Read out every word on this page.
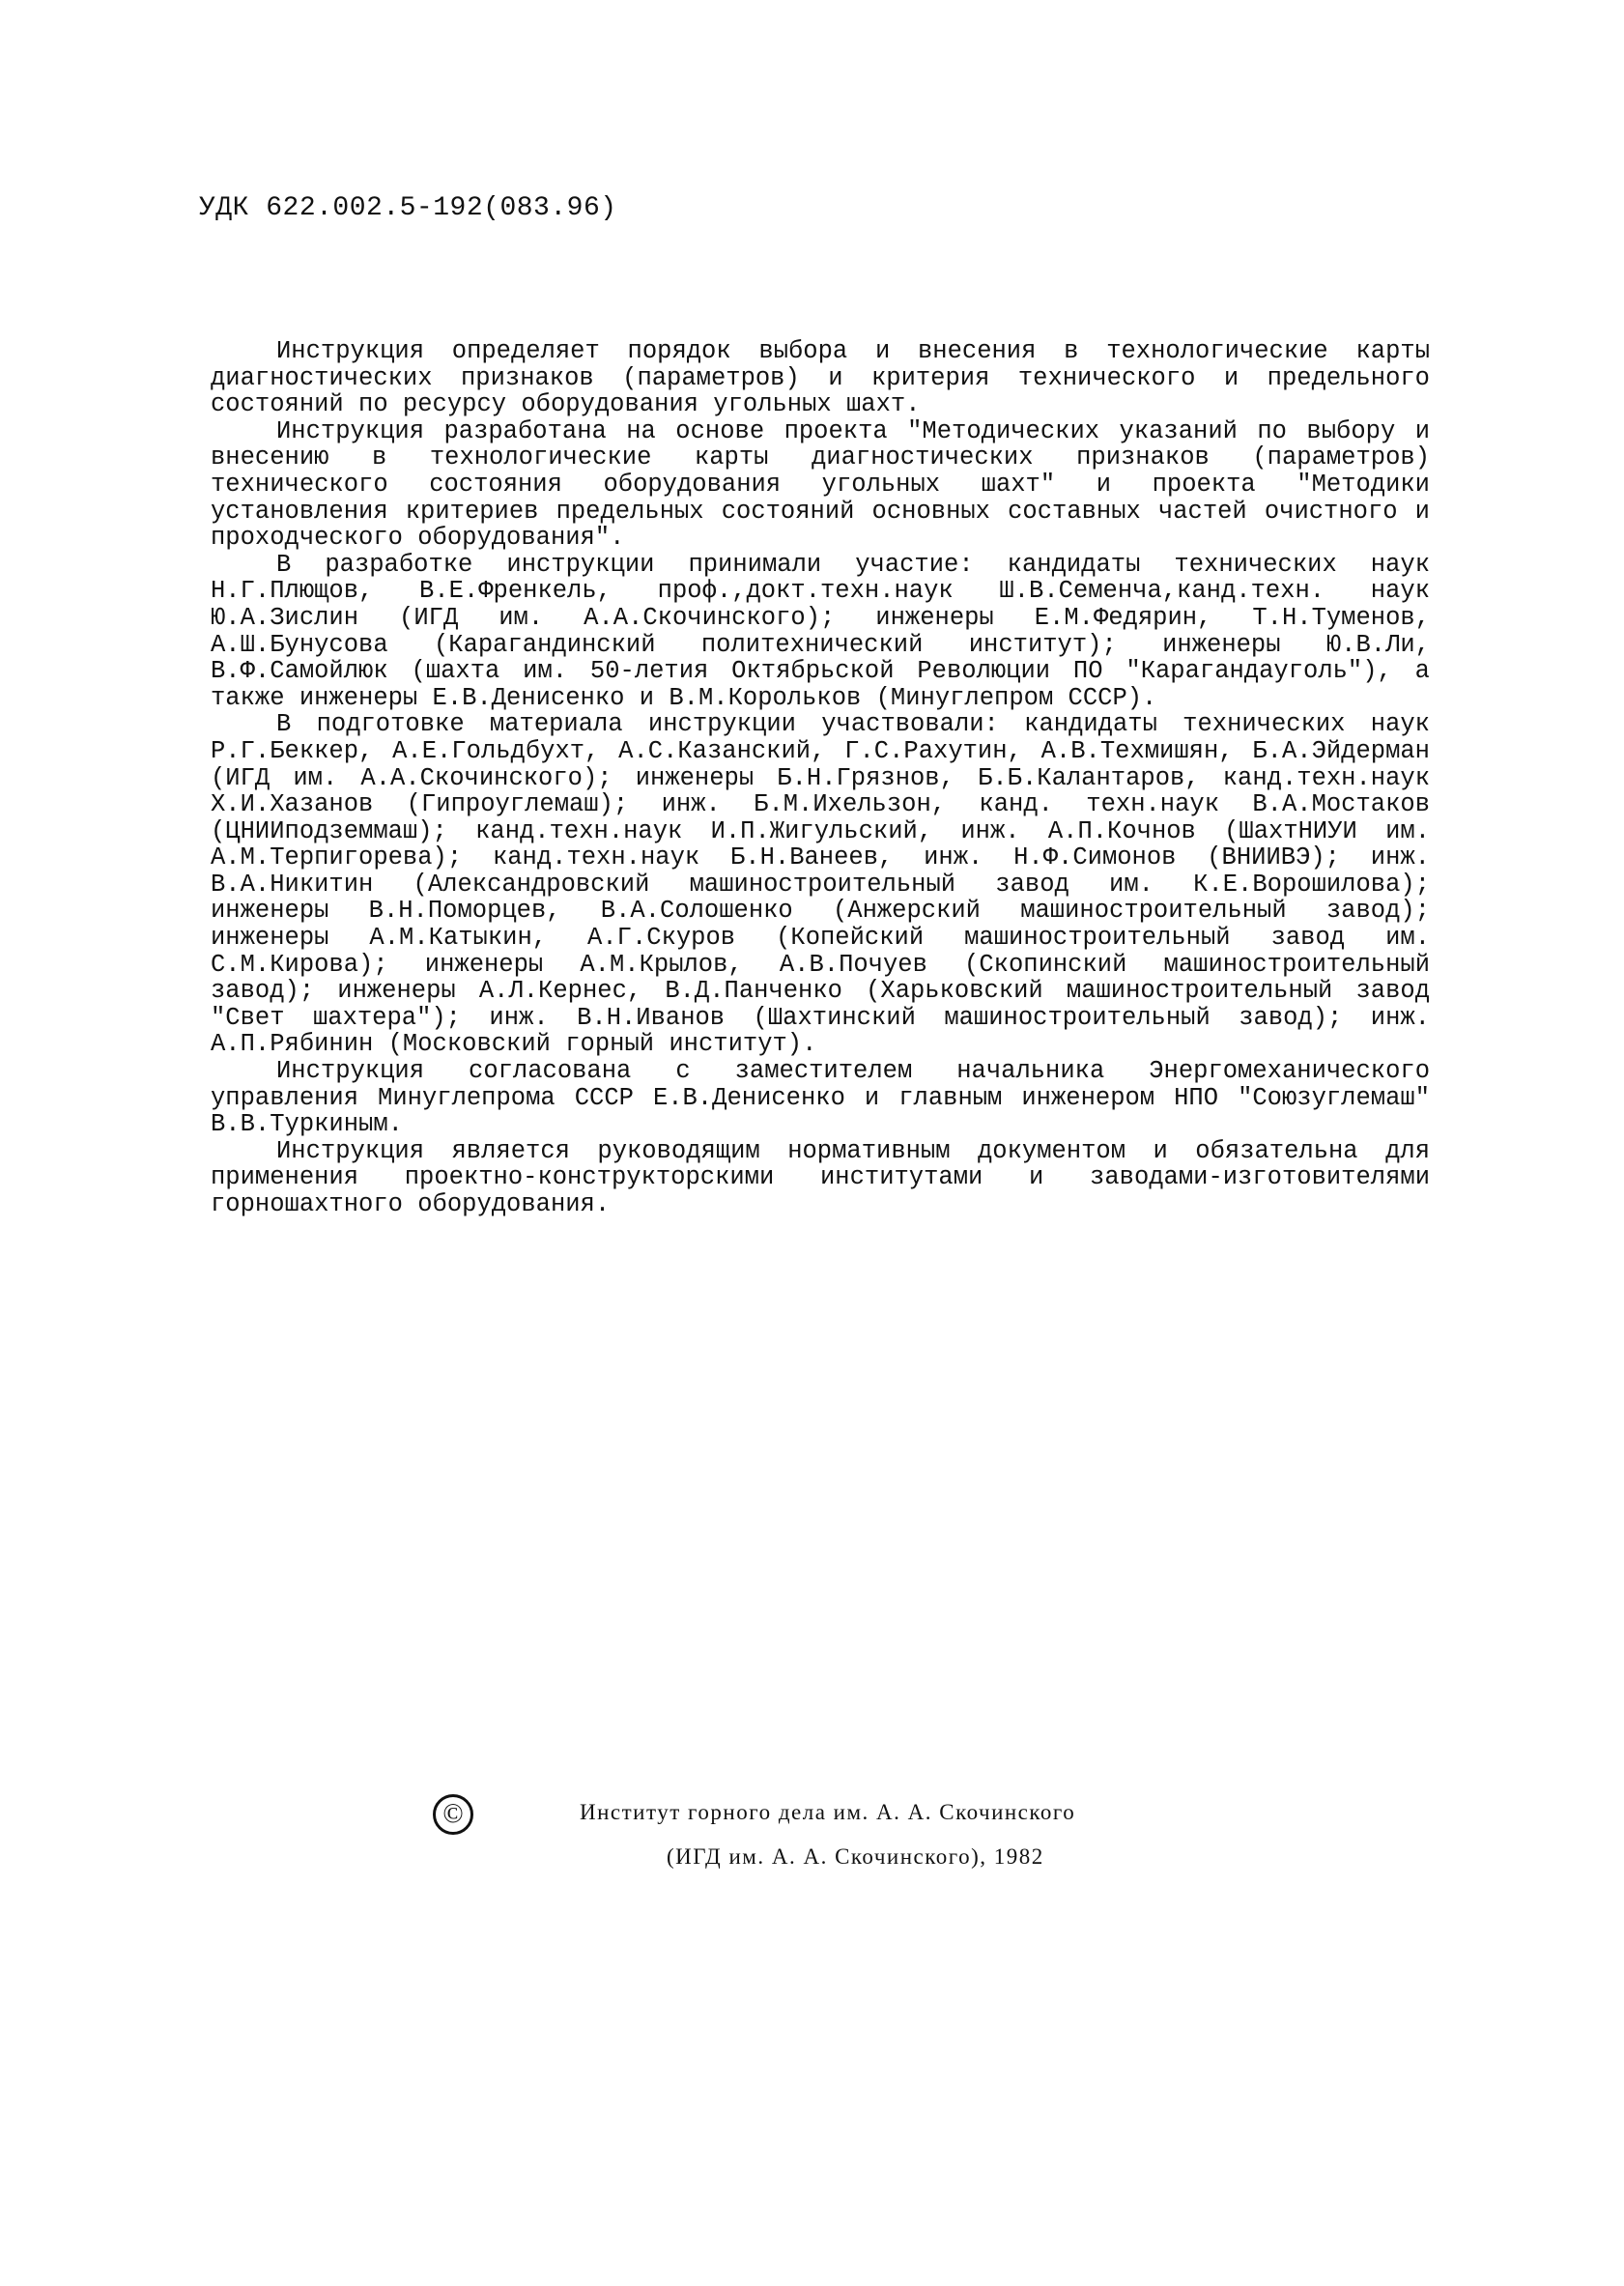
УДК 622.002.5-192(083.96)

Инструкция определяет порядок выбора и внесения в технологические карты диагностических признаков (параметров) и критерия технического и предельного состояний по ресурсу оборудования угольных шахт.

Инструкция разработана на основе проекта "Методических указаний по выбору и внесению в технологические карты диагностических признаков (параметров) технического состояния оборудования угольных шахт" и проекта "Методики установления критериев предельных состояний основных составных частей очистного и проходческого оборудования".

В разработке инструкции принимали участие: кандидаты технических наук Н.Г.Плющов, В.Е.Френкель, проф.,докт.техн.наук Ш.В.Семенча,канд.техн. наук Ю.А.Зислин (ИГД им. А.А.Скочинского); инженеры Е.М.Федярин, Т.Н.Туменов, А.Ш.Бунусова (Карагандинский политехнический институт); инженеры Ю.В.Ли, В.Ф.Самойлюк (шахта им. 50-летия Октябрьской Революции ПО "Карагандауголь"), а также инженеры Е.В.Денисенко и В.М.Корольков (Минуглепром СССР).

В подготовке материала инструкции участвовали: кандидаты технических наук Р.Г.Беккер, А.Е.Гольдбухт, А.С.Казанский, Г.С.Рахутин, А.В.Техмишян, Б.А.Эйдерман (ИГД им. А.А.Скочинского); инженеры Б.Н.Грязнов, Б.Б.Калантаров, канд.техн.наук Х.И.Хазанов (Гипроуглемаш); инж. Б.М.Ихельзон, канд. техн.наук В.А.Мостаков (ЦНИИподземмаш); канд.техн.наук И.П.Жигульский, инж. А.П.Кочнов (ШахтНИУИ им. А.М.Терпигорева); канд.техн.наук Б.Н.Ванеев, инж. Н.Ф.Симонов (ВНИИВЭ); инж. В.А.Никитин (Александровский машиностроительный завод им. К.Е.Ворошилова); инженеры В.Н.Поморцев, В.А.Солошенко (Анжерский машиностроительный завод); инженеры А.М.Катыкин, А.Г.Скуров (Копейский машиностроительный завод им. С.М.Кирова); инженеры А.М.Крылов, А.В.Почуев (Скопинский машиностроительный завод); инженеры А.Л.Кернес, В.Д.Панченко (Харьковский машиностроительный завод "Свет шахтера"); инж. В.Н.Иванов (Шахтинский машиностроительный завод); инж. А.П.Рябинин (Московский горный институт).

Инструкция согласована с заместителем начальника Энергомеханического управления Минуглепрома СССР Е.В.Денисенко и главным инженером НПО "Союзуглемаш" В.В.Туркиным.

Инструкция является руководящим нормативным документом и обязательна для применения проектно-конструкторскими институтами и заводами-изготовителями горношахтного оборудования.

©	Институт горного дела им. А. А. Скочинского
(ИГД им. А. А. Скочинского), 1982
